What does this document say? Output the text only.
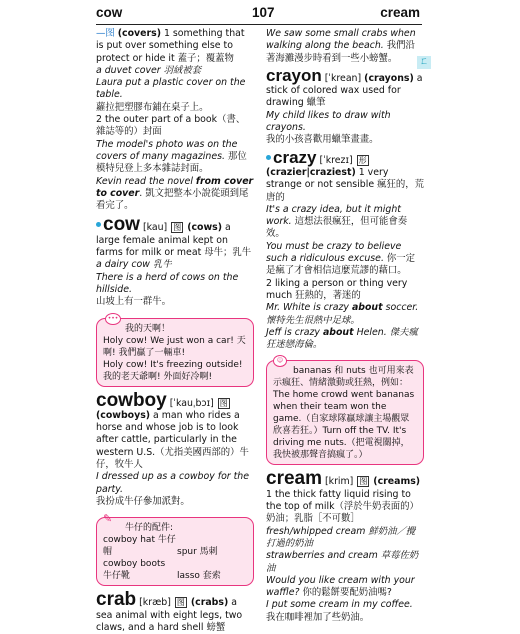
cow	107	cream
ㄈ

—图 (covers) 1 something that is put over something else to protect or hide it 蓋子；覆蓋物

a duvet cover 羽絨被套

Laura put a plastic cover on the table.
蘿拉把塑膠布鋪在桌子上。

2 the outer part of a book（書、雜誌等的）封面

The model's photo was on the covers of many magazines. 那位模特兒登上多本雜誌封面。

Kevin read the novel from cover to cover. 凱文把整本小說從頭到尾看完了。

cow [kau] 图 (cows) a large female animal kept on farms for milk or meat 母牛；乳牛

a dairy cow 乳牛

There is a herd of cows on the hillside.
山坡上有一群牛。

•••
我的天啊！

Holy cow! We just won a car! 天啊! 我們贏了一輛車!

Holy cow! It's freezing outside! 我的老天爺啊! 外面好冷啊!

cowboy [ˈkauˌbɔɪ] 图 (cowboys) a man who rides a horse and whose job is to look after cattle, particularly in the western U.S.（尤指美國西部的）牛仔，牧牛人

I dressed up as a cowboy for the party.
我扮成牛仔參加派對。

✎
牛仔的配件:

cowboy hat 牛仔帽	spur 馬刺

cowboy boots 牛仔靴	lasso 套索

crab [kræb] 图 (crabs) a sea animal with eight legs, two claws, and a hard shell 螃蟹

We saw some small crabs when walking along the beach. 我們沿著海灘漫步時看到一些小螃蟹。

crayon [ˈkrean] (crayons) a stick of colored wax used for drawing 蠟筆

My child likes to draw with crayons.
我的小孩喜歡用蠟筆畫畫。

crazy [ˈkrezɪ] 形 (crazier|craziest) 1 very strange or not sensible 瘋狂的，荒唐的

It's a crazy idea, but it might work. 這想法很瘋狂，但可能會奏效。

You must be crazy to believe such a ridiculous excuse. 你一定是瘋了才會相信這麼荒謬的藉口。

2 liking a person or thing very much 狂熱的，著迷的

Mr. White is crazy about soccer. 懷特先生很熱中足球。

Jeff is crazy about Helen. 傑夫瘋狂迷戀海倫。

☺

bananas 和 nuts 也可用來表示瘋狂、情緒激動或狂熱，例如：The home crowd went bananas when their team won the game.（自家球隊贏球讓主場觀眾欣喜若狂。）Turn off the TV. It's driving me nuts.（把電視關掉，我快被那聲音搞瘋了。）

cream [krim] 图 (creams) 1 the thick fatty liquid rising to the top of milk（浮於牛奶表面的）奶油；乳脂［不可數］

fresh/whipped cream 鮮奶油／攪打過的奶油

strawberries and cream 草莓佐奶油

Would you like cream with your waffle? 你的鬆餅要配奶油嗎?

I put some cream in my coffee. 我在咖啡裡加了些奶油。
